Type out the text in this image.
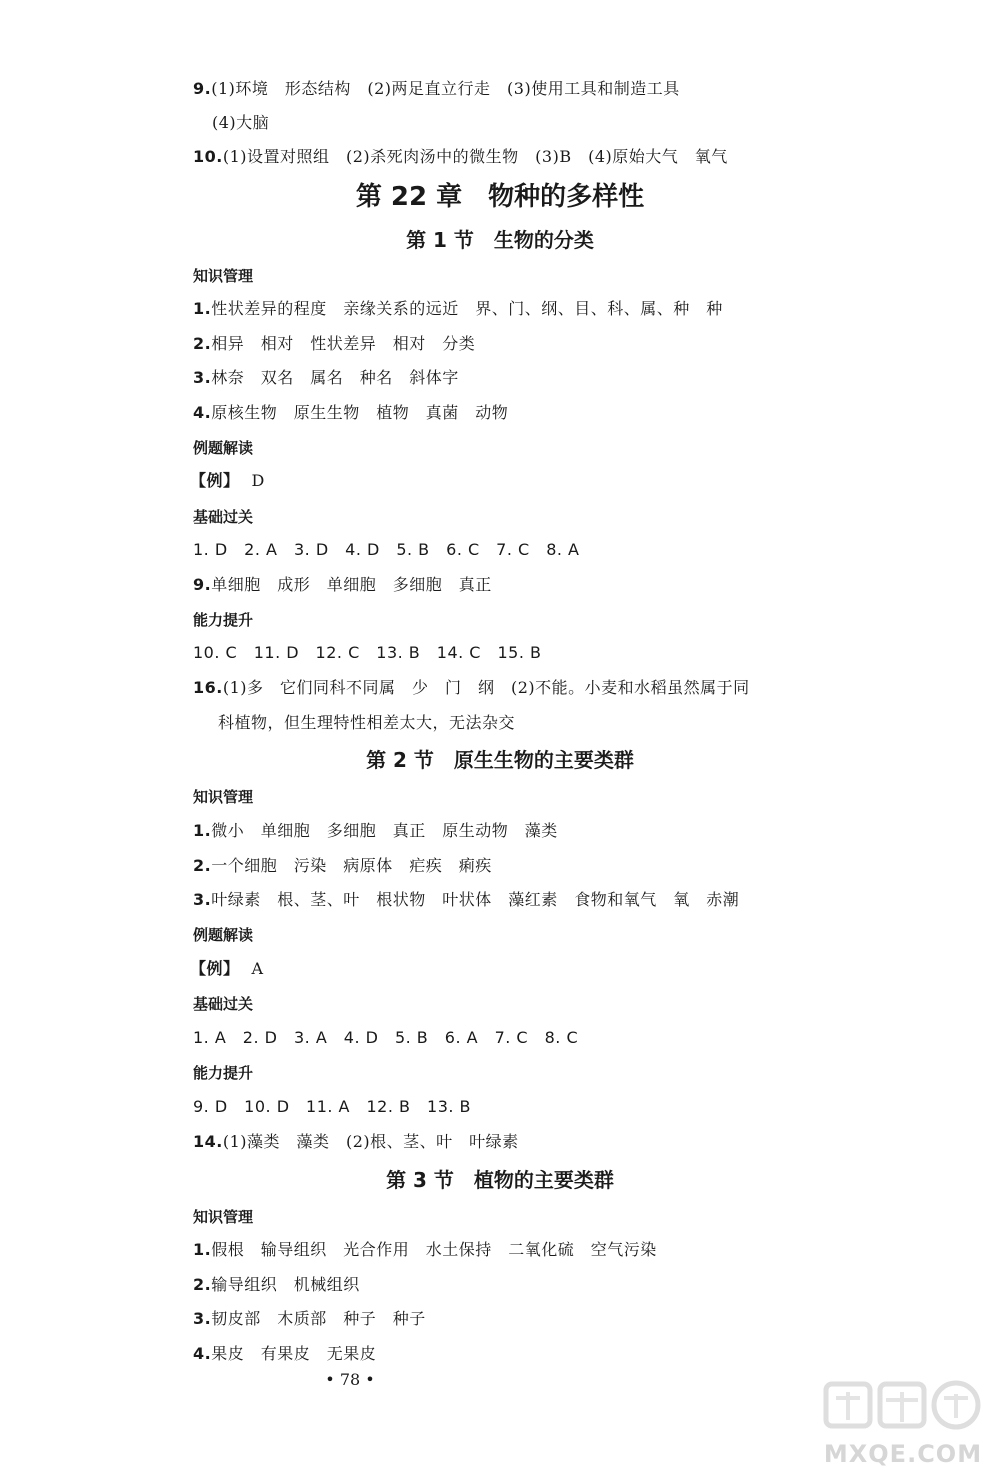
9.(1)环境　形态结构　(2)两足直立行走　(3)使用工具和制造工具
(4)大脑
10.(1)设置对照组　(2)杀死肉汤中的微生物　(3)B　(4)原始大气　氧气
第 22 章　物种的多样性
第 1 节　生物的分类
知识管理
1.性状差异的程度　亲缘关系的远近　界、门、纲、目、科、属、种　种
2.相异　相对　性状差异　相对　分类
3.林奈　双名　属名　种名　斜体字
4.原核生物　原生生物　植物　真菌　动物
例题解读
【例】 D
基础过关
1. D　2. A　3. D　4. D　5. B　6. C　7. C　8. A
9.单细胞　成形　单细胞　多细胞　真正
能力提升
10. C　11. D　12. C　13. B　14. C　15. B
16.(1)多　它们同科不同属　少　门　纲　(2)不能。小麦和水稻虽然属于同
科植物，但生理特性相差太大，无法杂交
第 2 节　原生生物的主要类群
知识管理
1.微小　单细胞　多细胞　真正　原生动物　藻类
2.一个细胞　污染　病原体　疟疾　痢疾
3.叶绿素　根、茎、叶　根状物　叶状体　藻红素　食物和氧气　氧　赤潮
例题解读
【例】 A
基础过关
1. A　2. D　3. A　4. D　5. B　6. A　7. C　8. C
能力提升
9. D　10. D　11. A　12. B　13. B
14.(1)藻类　藻类　(2)根、茎、叶　叶绿素
第 3 节　植物的主要类群
知识管理
1.假根　输导组织　光合作用　水土保持　二氧化硫　空气污染
2.输导组织　机械组织
3.韧皮部　木质部　种子　种子
4.果皮　有果皮　无果皮
• 78 •
MXQE.COM
